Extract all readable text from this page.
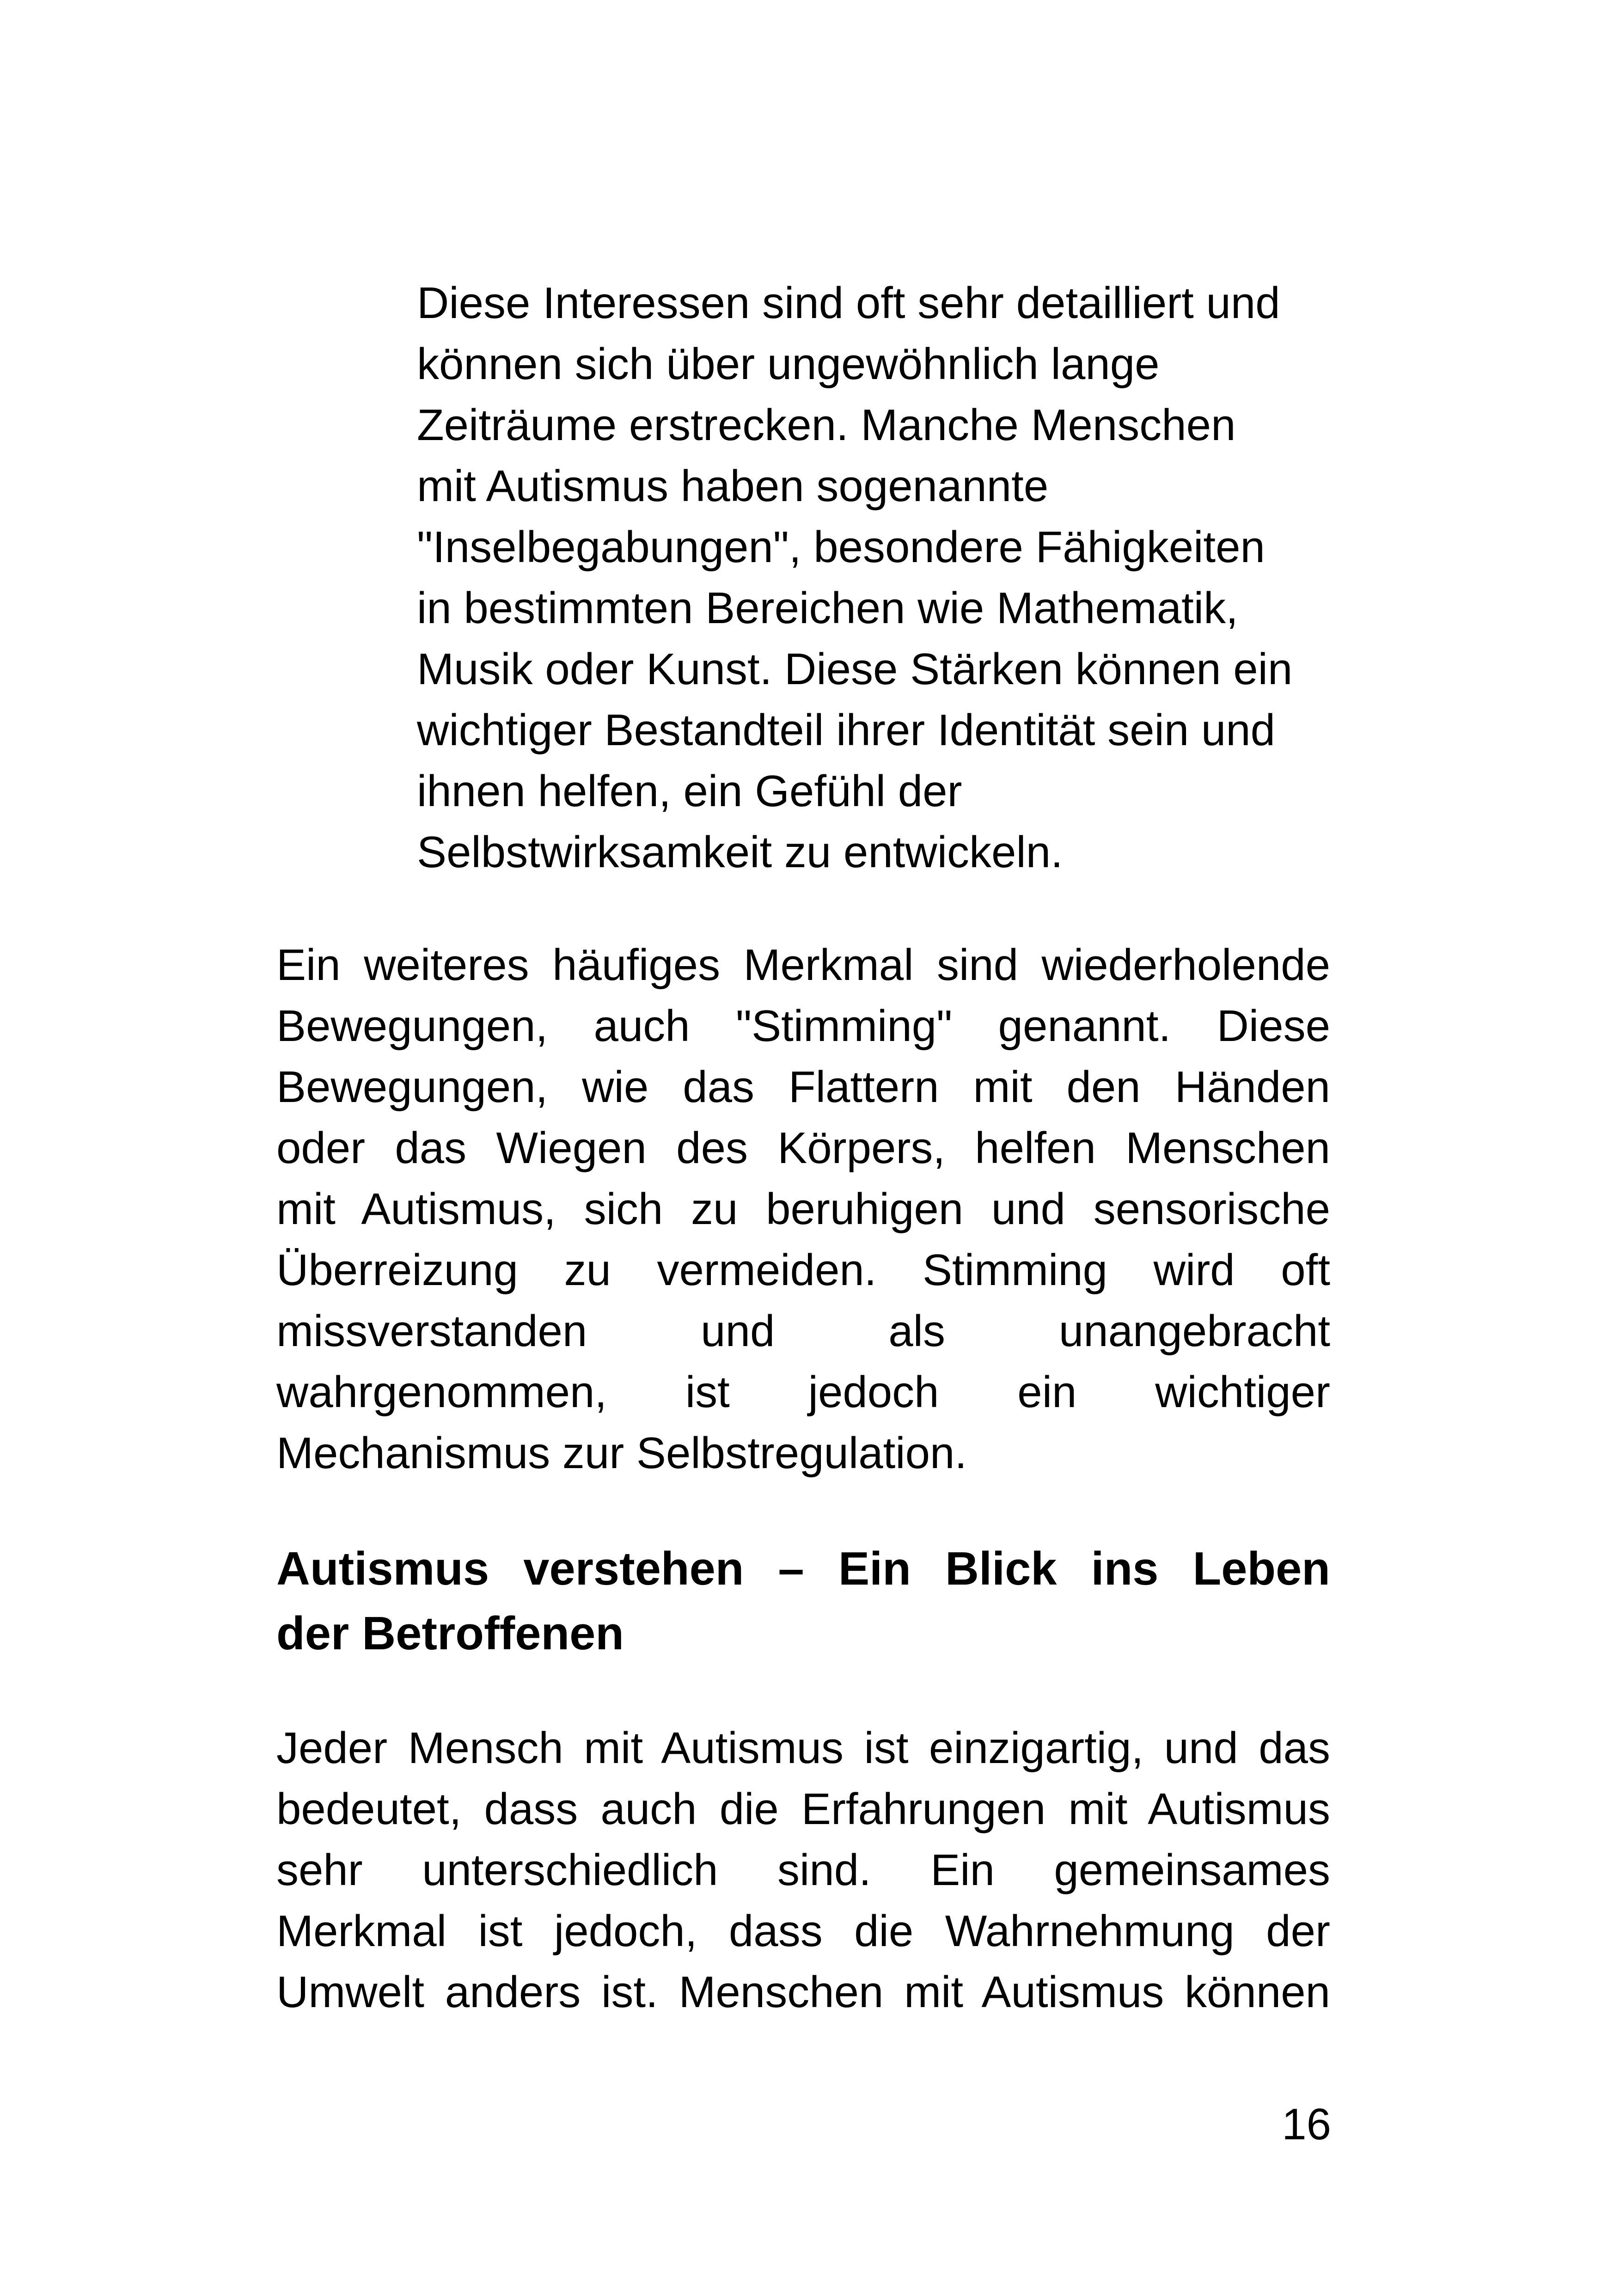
Diese Interessen sind oft sehr detailliert und
können sich über ungewöhnlich lange
Zeiträume erstrecken. Manche Menschen
mit Autismus haben sogenannte
"Inselbegabungen", besondere Fähigkeiten
in bestimmten Bereichen wie Mathematik,
Musik oder Kunst. Diese Stärken können ein
wichtiger Bestandteil ihrer Identität sein und
ihnen helfen, ein Gefühl der
Selbstwirksamkeit zu entwickeln.
Ein weiteres häufiges Merkmal sind wiederholende
Bewegungen, auch "Stimming" genannt. Diese
Bewegungen, wie das Flattern mit den Händen
oder das Wiegen des Körpers, helfen Menschen
mit Autismus, sich zu beruhigen und sensorische
Überreizung zu vermeiden. Stimming wird oft
missverstanden und als unangebracht
wahrgenommen, ist jedoch ein wichtiger
Mechanismus zur Selbstregulation.
Autismus verstehen – Ein Blick ins Leben
der Betroffenen
Jeder Mensch mit Autismus ist einzigartig, und das
bedeutet, dass auch die Erfahrungen mit Autismus
sehr unterschiedlich sind. Ein gemeinsames
Merkmal ist jedoch, dass die Wahrnehmung der
Umwelt anders ist. Menschen mit Autismus können
16
